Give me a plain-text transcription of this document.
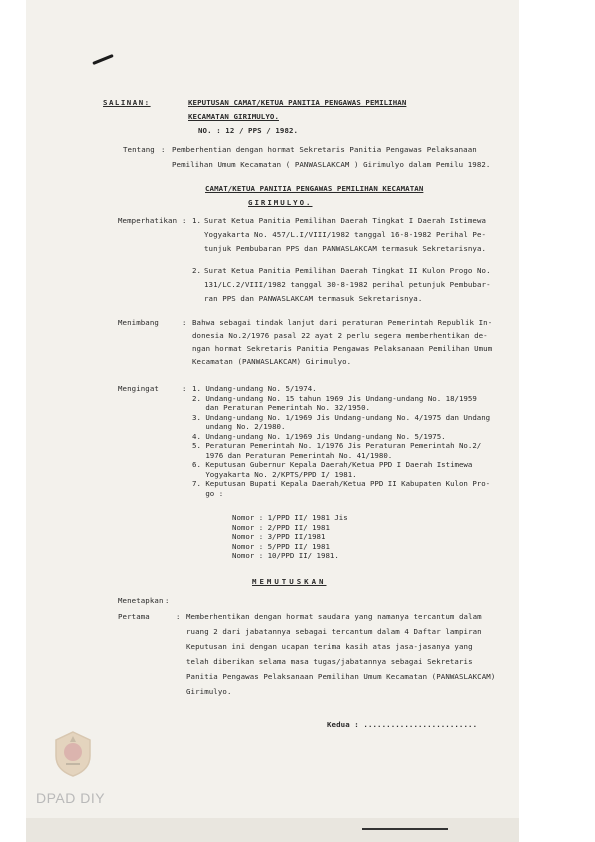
SALINAN:	KEPUTUSAN CAMAT/KETUA PANITIA PENGAWAS PEMILIHAN
KECAMATAN GIRIMULYO.
NO. : 12 / PPS / 1982.
Tentang : Pemberhentian dengan hormat Sekretaris Panitia Pengawas Pelaksanaan
Pemilihan Umum Kecamatan ( PANWASLAKCAM ) Girimulyo dalam Pemilu 1982.
CAMAT/KETUA PANITIA PENGAWAS PEMILIHAN KECAMATAN
GIRIMULYO.
Memperhatikan : 1. Surat Ketua Panitia Pemilihan Daerah Tingkat I Daerah Istimewa
Yogyakarta No. 457/L.I/VIII/1982 tanggal 16-8-1982 Perihal Pe-
tunjuk Pembubaran PPS dan PANWASLAKCAM termasuk Sekretarisnya.
2. Surat Ketua Panitia Pemilihan Daerah Tingkat II Kulon Progo No.
131/LC.2/VIII/1982 tanggal 30-8-1982 perihal petunjuk Pembubar-
ran PPS dan PANWASLAKCAM termasuk Sekretarisnya.
Menimbang	: Bahwa sebagai tindak lanjut dari peraturan Pemerintah Republik In-
donesia No.2/1976 pasal 22 ayat 2 perlu segera memberhentikan de-
ngan hormat Sekretaris Panitia Pengawas Pelaksanaan Pemilihan Umum
Kecamatan (PANWASLAKCAM) Girimulyo.
Mengingat	: 1. Undang-undang No. 5/1974.
2. Undang-undang No. 15 tahun 1969 Jis Undang-undang No. 18/1959
dan Peraturan Pemerintah No. 32/1950.
3. Undang-undang No. 1/1969 Jis Undang-undang No. 4/1975 dan Undang
undang No. 2/1980.
4. Undang-undang No. 1/1969 Jis Undang-undang No. 5/1975.
5. Peraturan Pemerintah No. 1/1976 Jis Peraturan Pemerintah No.2/
1976 dan Peraturan Pemerintah No. 41/1980.
6. Keputusan Gubernur Kepala Daerah/Ketua PPD I Daerah Istimewa
Yogyakarta No. 2/KPTS/PPD I/ 1981.
7. Keputusan Bupati Kepala Daerah/Ketua PPD II Kabupaten Kulon Pro-
go :
Nomor : 1/PPD II/ 1981 Jis
Nomor : 2/PPD II/ 1981
Nomor : 3/PPD II/1981
Nomor : 5/PPD II/ 1981
Nomor : 10/PPD II/ 1981.
MEMUTUSKAN
Menetapkan :
Pertama	: Memberhentikan dengan hormat saudara yang namanya tercantum dalam
ruang 2 dari jabatannya sebagai tercantum dalam 4 Daftar lampiran
Keputusan ini dengan ucapan terima kasih atas jasa-jasanya yang
telah diberikan selama masa tugas/jabatannya sebagai Sekretaris
Panitia Pengawas Pelaksanaan Pemilihan Umum Kecamatan (PANWASLAKCAM)
Girimulyo.
Kedua : .........................
DPAD DIY
